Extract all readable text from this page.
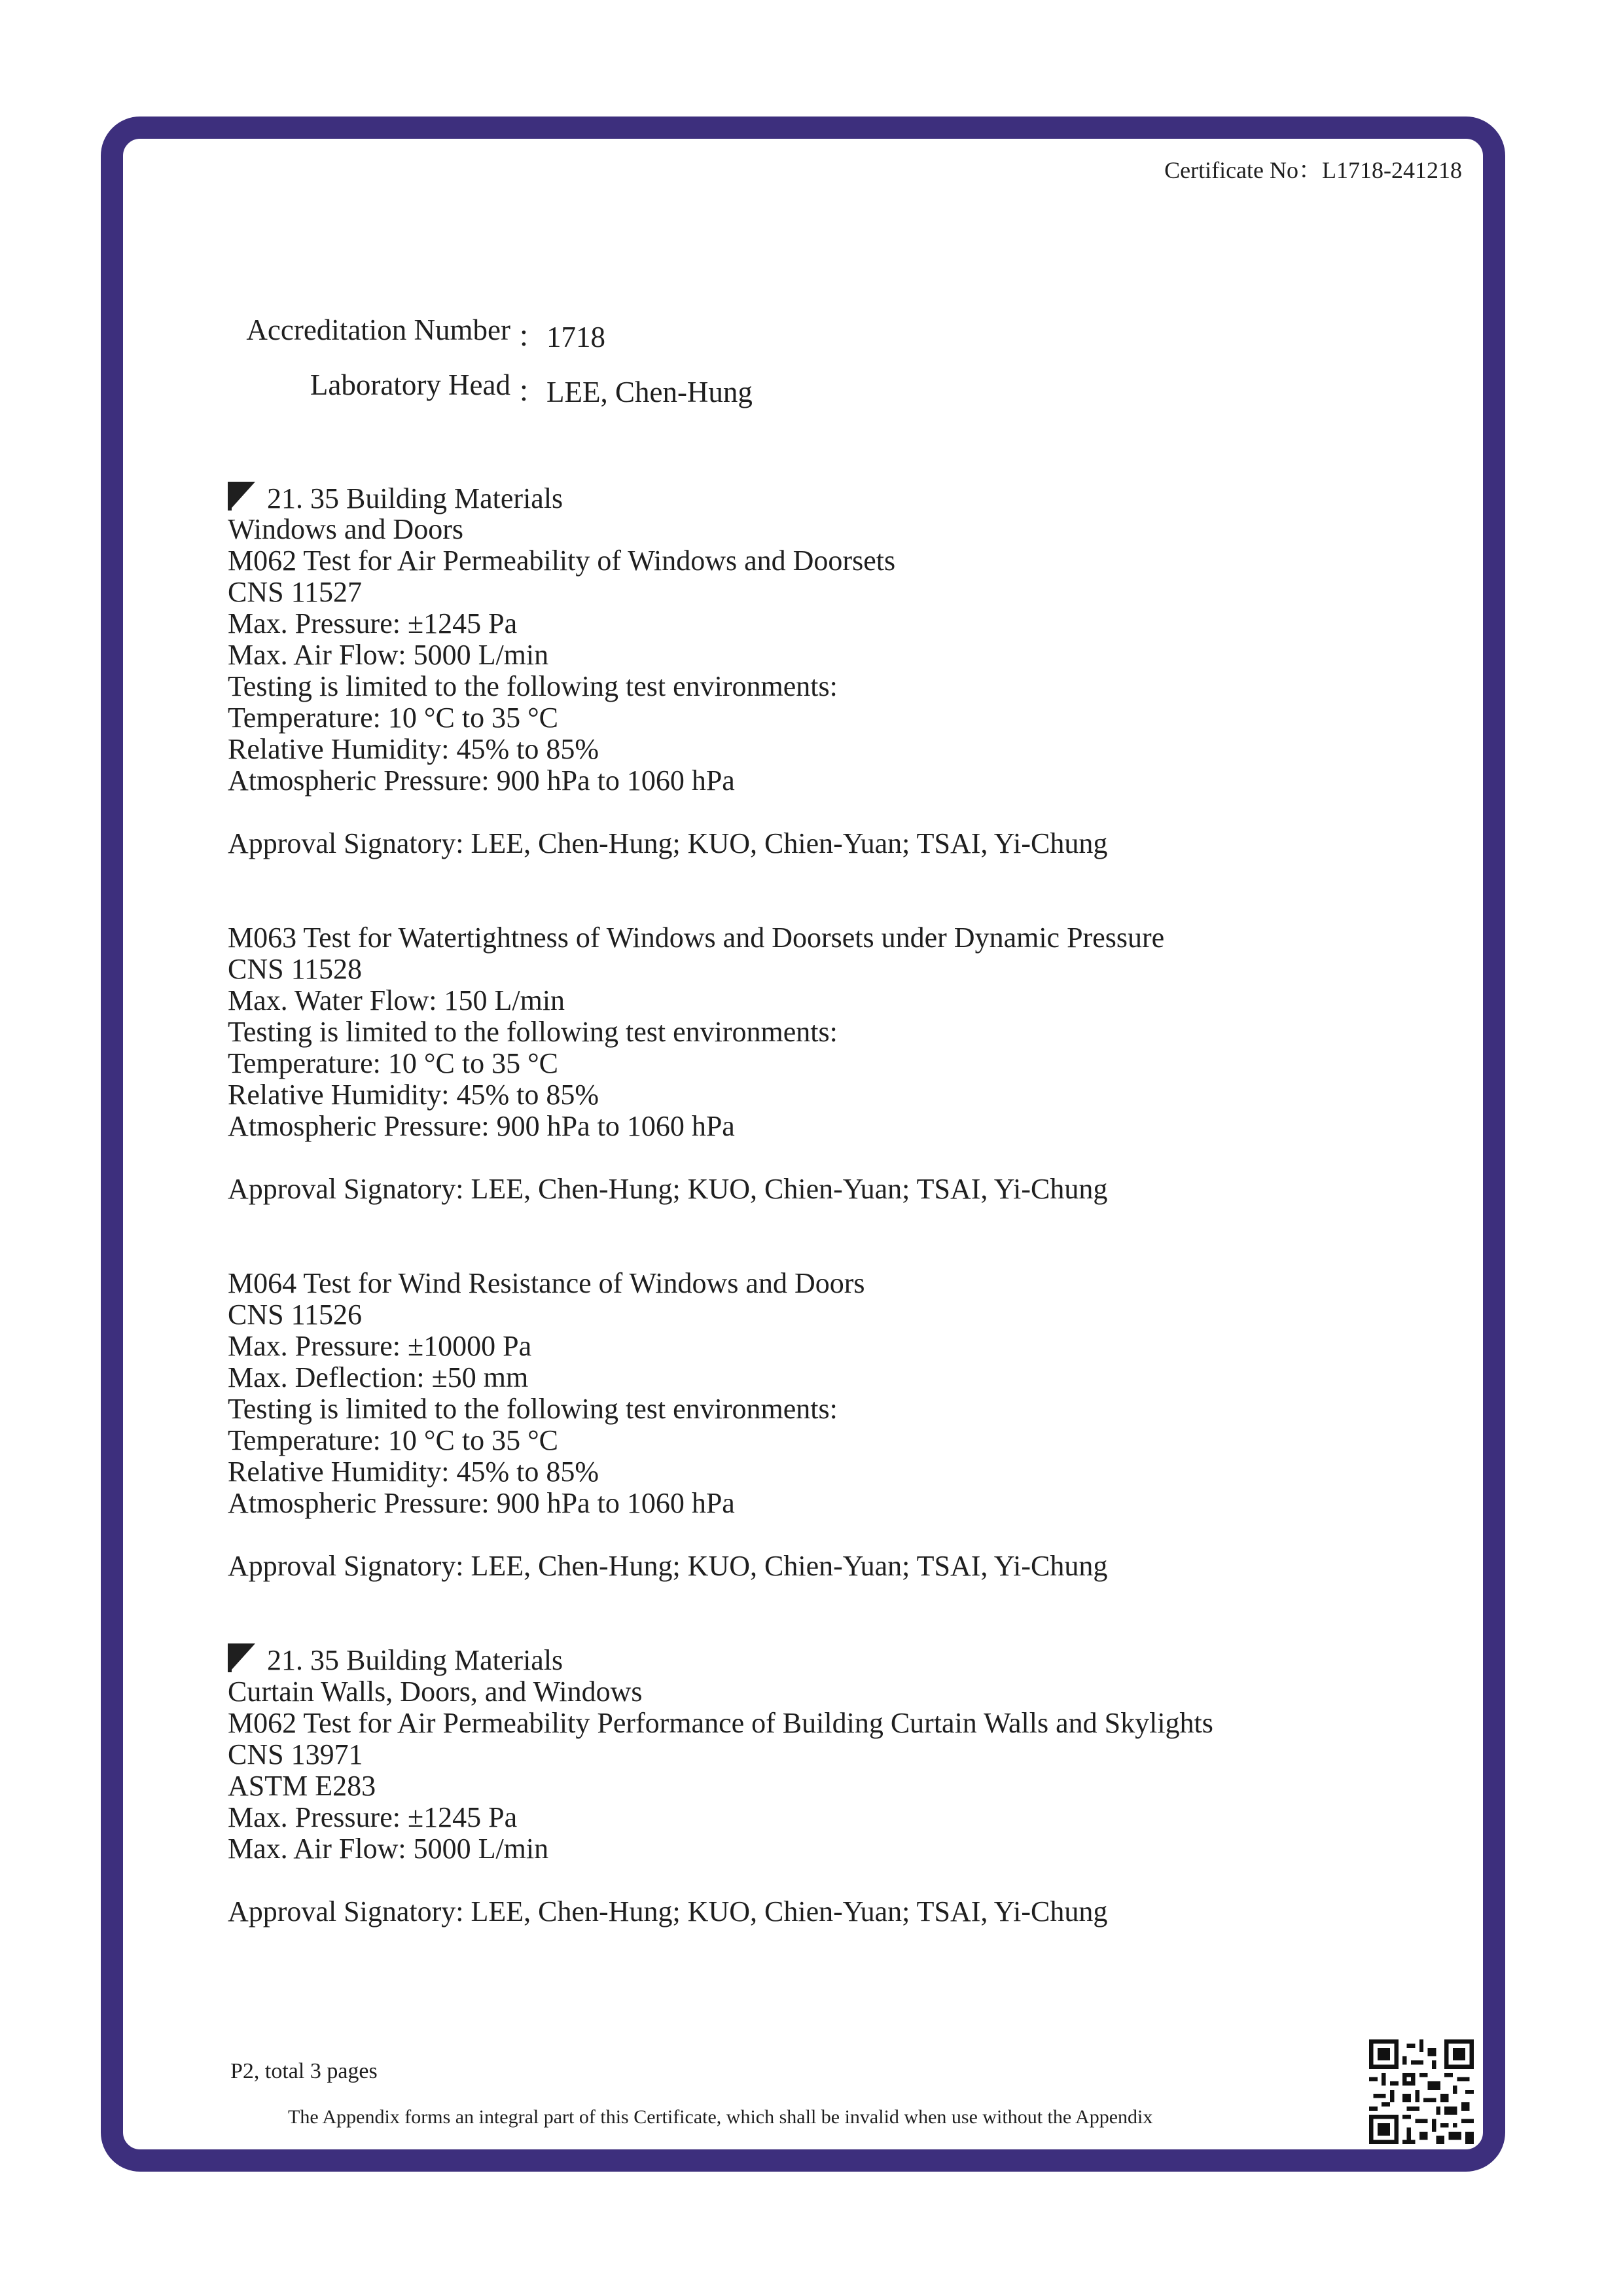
Certificate No：L1718-241218
Accreditation Number ：1718
Laboratory Head ：LEE, Chen-Hung
21. 35 Building Materials
Windows and Doors
M062 Test for Air Permeability of Windows and Doorsets
CNS 11527
Max. Pressure: ±1245 Pa
Max. Air Flow: 5000 L/min
Testing is limited to the following test environments:
Temperature: 10 °C to 35 °C
Relative Humidity: 45% to 85%
Atmospheric Pressure: 900 hPa to 1060 hPa
Approval Signatory: LEE, Chen-Hung; KUO, Chien-Yuan; TSAI, Yi-Chung
M063 Test for Watertightness of Windows and Doorsets under Dynamic Pressure
CNS 11528
Max. Water Flow: 150 L/min
Testing is limited to the following test environments:
Temperature: 10 °C to 35 °C
Relative Humidity: 45% to 85%
Atmospheric Pressure: 900 hPa to 1060 hPa
Approval Signatory: LEE, Chen-Hung; KUO, Chien-Yuan; TSAI, Yi-Chung
M064 Test for Wind Resistance of Windows and Doors
CNS 11526
Max. Pressure: ±10000 Pa
Max. Deflection: ±50 mm
Testing is limited to the following test environments:
Temperature: 10 °C to 35 °C
Relative Humidity: 45% to 85%
Atmospheric Pressure: 900 hPa to 1060 hPa
Approval Signatory: LEE, Chen-Hung; KUO, Chien-Yuan; TSAI, Yi-Chung
21. 35 Building Materials
Curtain Walls, Doors, and Windows
M062 Test for Air Permeability Performance of Building Curtain Walls and Skylights
CNS 13971
ASTM E283
Max. Pressure: ±1245 Pa
Max. Air Flow: 5000 L/min
Approval Signatory: LEE, Chen-Hung; KUO, Chien-Yuan; TSAI, Yi-Chung
P2, total 3 pages
The Appendix forms an integral part of this Certificate, which shall be invalid when use without the Appendix
